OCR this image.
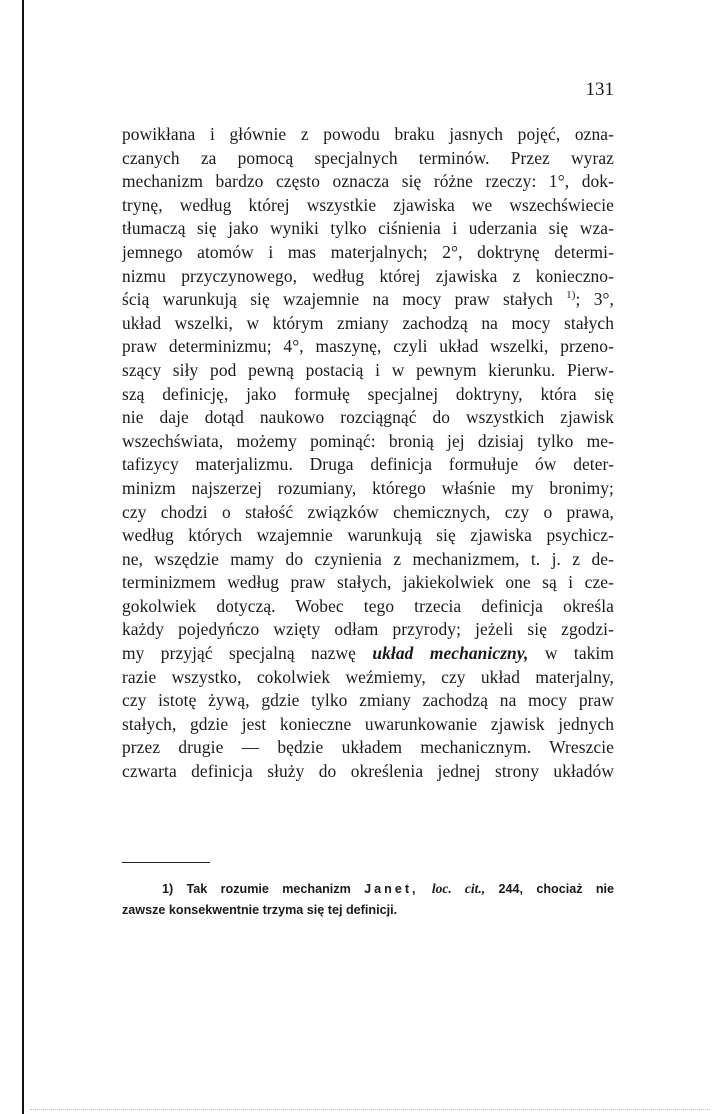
131
powikłana i głównie z powodu braku jasnych pojęć, ozna-
czanych za pomocą specjalnych terminów. Przez wyraz
mechanizm bardzo często oznacza się różne rzeczy: 1°, dok-
trynę, według której wszystkie zjawiska we wszechświecie
tłumaczą się jako wyniki tylko ciśnienia i uderzania się wza-
jemnego atomów i mas materjalnych; 2°, doktrynę determi-
nizmu przyczynowego, według której zjawiska z konieczno-
ścią warunkują się wzajemnie na mocy praw stałych $^{1)}$; 3°,
układ wszelki, w którym zmiany zachodzą na mocy stałych
praw determinizmu; 4°, maszynę, czyli układ wszelki, przeno-
szący siły pod pewną postacią i w pewnym kierunku. Pierw-
szą definicję, jako formułę specjalnej doktryny, która się
nie daje dotąd naukowo rozciągnąć do wszystkich zjawisk
wszechświata, możemy pominąć: bronią jej dzisiaj tylko me-
tafizycy materjalizmu. Druga definicja formułuje ów deter-
minizm najszerzej rozumiany, którego właśnie my bronimy;
czy chodzi o stałość związków chemicznych, czy o prawa,
według których wzajemnie warunkują się zjawiska psychicz-
ne, wszędzie mamy do czynienia z mechanizmem, t. j. z de-
terminizmem według praw stałych, jakiekolwiek one są i cze-
gokolwiek dotyczą. Wobec tego trzecia definicja określa
każdy pojedyńczo wzięty odłam przyrody; jeżeli się zgodzi-
my przyjąć specjalną nazwę układ mechaniczny, w takim
razie wszystko, cokolwiek weźmiemy, czy układ materjalny,
czy istotę żywą, gdzie tylko zmiany zachodzą na mocy praw
stałych, gdzie jest konieczne uwarunkowanie zjawisk jednych
przez drugie — będzie układem mechanicznym. Wreszcie
czwarta definicja służy do określenia jednej strony układów
1) Tak rozumie mechanizm Janet, loc. cit., 244, chociaż nie
zawsze konsekwentnie trzyma się tej definicji.
